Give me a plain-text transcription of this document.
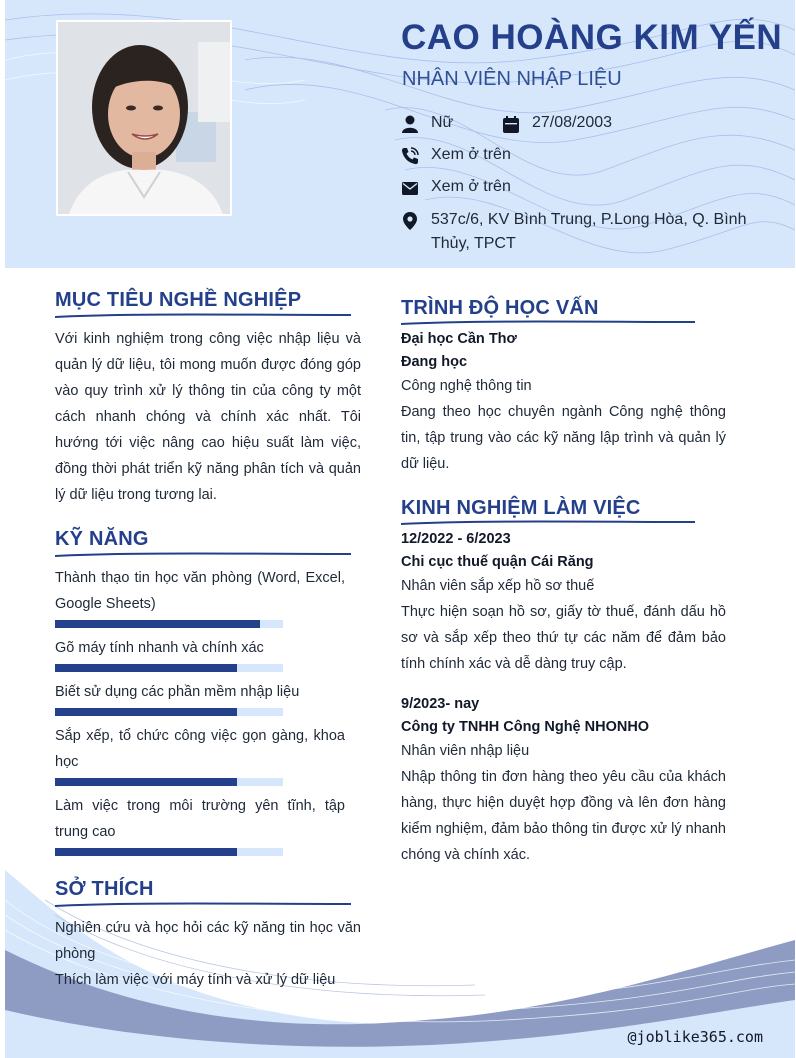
CAO HOÀNG KIM YẾN
NHÂN VIÊN NHẬP LIỆU
Nữ	27/08/2003
Xem ở trên
Xem ở trên
537c/6, KV Bình Trung, P.Long Hòa, Q. Bình Thủy, TPCT
MỤC TIÊU NGHỀ NGHIỆP
Với kinh nghiệm trong công việc nhập liệu và quản lý dữ liệu, tôi mong muốn được đóng góp vào quy trình xử lý thông tin của công ty một cách nhanh chóng và chính xác nhất. Tôi hướng tới việc nâng cao hiệu suất làm việc, đồng thời phát triển kỹ năng phân tích và quản lý dữ liệu trong tương lai.
KỸ NĂNG
Thành thạo tin học văn phòng (Word, Excel, Google Sheets)
Gõ máy tính nhanh và chính xác
Biết sử dụng các phần mềm nhập liệu
Sắp xếp, tổ chức công việc gọn gàng, khoa học
Làm việc trong môi trường yên tĩnh, tập trung cao
SỞ THÍCH
Nghiên cứu và học hỏi các kỹ năng tin học văn phòng
Thích làm việc với máy tính và xử lý dữ liệu
TRÌNH ĐỘ HỌC VẤN
Đại học Cần Thơ
Đang học
Công nghệ thông tin
Đang theo học chuyên ngành Công nghệ thông tin, tập trung vào các kỹ năng lập trình và quản lý dữ liệu.
KINH NGHIỆM LÀM VIỆC
12/2022 - 6/2023
Chi cục thuế quận Cái Răng
Nhân viên sắp xếp hồ sơ thuế
Thực hiện soạn hồ sơ, giấy tờ thuế, đánh dấu hồ sơ và sắp xếp theo thứ tự các năm để đảm bảo tính chính xác và dễ dàng truy cập.
9/2023- nay
Công ty TNHH Công Nghệ NHONHO
Nhân viên nhập liệu
Nhập thông tin đơn hàng theo yêu cầu của khách hàng, thực hiện duyệt hợp đồng và lên đơn hàng kiểm nghiệm, đảm bảo thông tin được xử lý nhanh chóng và chính xác.
@joblike365.com
